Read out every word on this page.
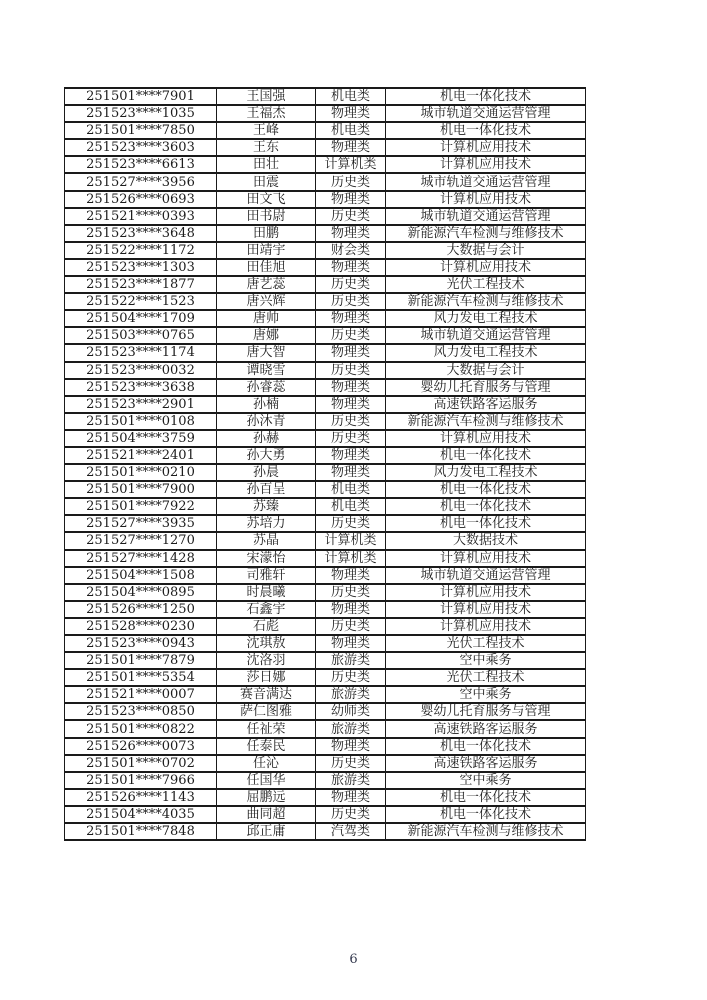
251501****7901	王国强	机电类	机电一体化技术
251523****1035	王福杰	物理类	城市轨道交通运营管理
251501****7850	王峰	机电类	机电一体化技术
251523****3603	王东	物理类	计算机应用技术
251523****6613	田壮	计算机类	计算机应用技术
251527****3956	田震	历史类	城市轨道交通运营管理
251526****0693	田文飞	物理类	计算机应用技术
251521****0393	田书尉	历史类	城市轨道交通运营管理
251523****3648	田鹏	物理类	新能源汽车检测与维修技术
251522****1172	田靖宇	财会类	大数据与会计
251523****1303	田佳旭	物理类	计算机应用技术
251523****1877	唐艺蕊	历史类	光伏工程技术
251522****1523	唐兴辉	历史类	新能源汽车检测与维修技术
251504****1709	唐帅	物理类	风力发电工程技术
251503****0765	唐娜	历史类	城市轨道交通运营管理
251523****1174	唐大智	物理类	风力发电工程技术
251523****0032	谭晓雪	历史类	大数据与会计
251523****3638	孙睿蕊	物理类	婴幼儿托育服务与管理
251523****2901	孙楠	物理类	高速铁路客运服务
251501****0108	孙沐青	历史类	新能源汽车检测与维修技术
251504****3759	孙赫	历史类	计算机应用技术
251521****2401	孙大勇	物理类	机电一体化技术
251501****0210	孙晨	物理类	风力发电工程技术
251501****7900	孙百呈	机电类	机电一体化技术
251501****7922	苏臻	机电类	机电一体化技术
251527****3935	苏培力	历史类	机电一体化技术
251527****1270	苏晶	计算机类	大数据技术
251527****1428	宋濛怡	计算机类	计算机应用技术
251504****1508	司雅轩	物理类	城市轨道交通运营管理
251504****0895	时晨曦	历史类	计算机应用技术
251526****1250	石鑫宇	物理类	计算机应用技术
251528****0230	石彪	历史类	计算机应用技术
251523****0943	沈琪敖	物理类	光伏工程技术
251501****7879	沈洛羽	旅游类	空中乘务
251501****5354	莎日娜	历史类	光伏工程技术
251521****0007	赛音满达	旅游类	空中乘务
251523****0850	萨仁图雅	幼师类	婴幼儿托育服务与管理
251501****0822	任祉荣	旅游类	高速铁路客运服务
251526****0073	任泰民	物理类	机电一体化技术
251501****0702	任沁	历史类	高速铁路客运服务
251501****7966	任国华	旅游类	空中乘务
251526****1143	屈鹏远	物理类	机电一体化技术
251504****4035	曲同超	历史类	机电一体化技术
251501****7848	邱正庸	汽驾类	新能源汽车检测与维修技术
6
